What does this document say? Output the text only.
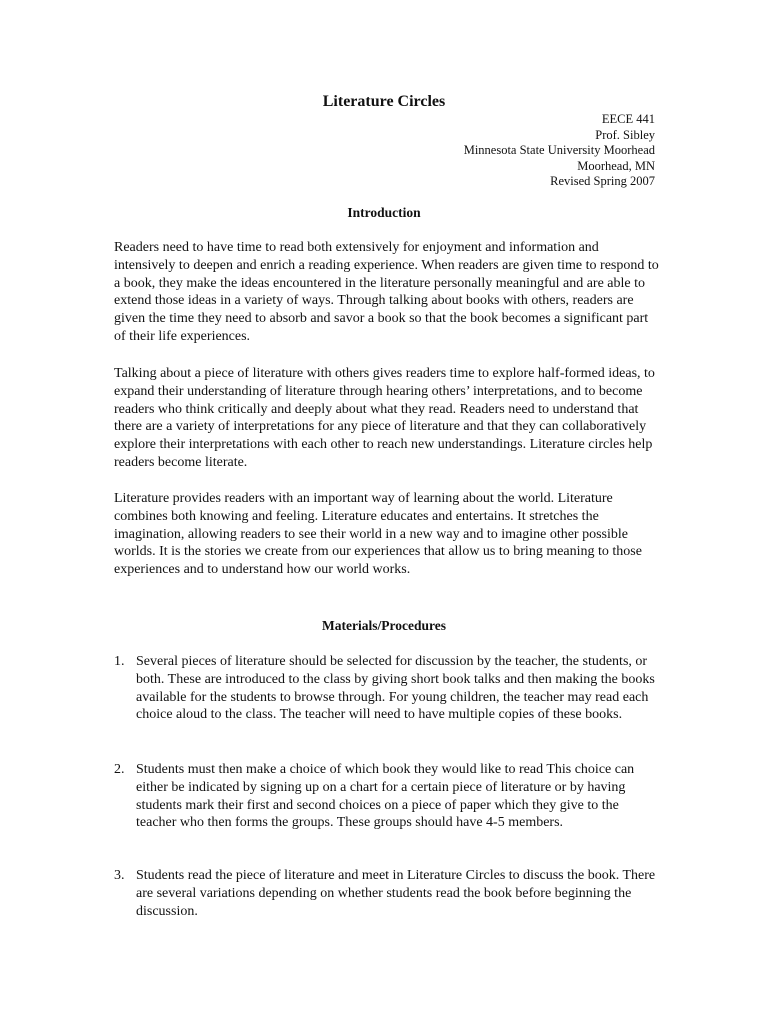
Literature Circles
EECE 441
Prof. Sibley
Minnesota State University Moorhead
Moorhead, MN
Revised Spring 2007
Introduction

Readers need to have time to read both extensively for enjoyment and information and intensively to deepen and enrich a reading experience. When readers are given time to respond to a book, they make the ideas encountered in the literature personally meaningful and are able to extend those ideas in a variety of ways. Through talking about books with others, readers are given the time they need to absorb and savor a book so that the book becomes a significant part of their life experiences.

Talking about a piece of literature with others gives readers time to explore half-formed ideas, to expand their understanding of literature through hearing others’ interpretations, and to become readers who think critically and deeply about what they read. Readers need to understand that there are a variety of interpretations for any piece of literature and that they can collaboratively explore their interpretations with each other to reach new understandings. Literature circles help readers become literate.

Literature provides readers with an important way of learning about the world. Literature combines both knowing and feeling. Literature educates and entertains. It stretches the imagination, allowing readers to see their world in a new way and to imagine other possible worlds. It is the stories we create from our experiences that allow us to bring meaning to those experiences and to understand how our world works.

Materials/Procedures
1. Several pieces of literature should be selected for discussion by the teacher, the students, or both. These are introduced to the class by giving short book talks and then making the books available for the students to browse through. For young children, the teacher may read each choice aloud to the class. The teacher will need to have multiple copies of these books.
2. Students must then make a choice of which book they would like to read This choice can either be indicated by signing up on a chart for a certain piece of literature or by having students mark their first and second choices on a piece of paper which they give to the teacher who then forms the groups. These groups should have 4-5 members.
3. Students read the piece of literature and meet in Literature Circles to discuss the book. There are several variations depending on whether students read the book before beginning the discussion.
